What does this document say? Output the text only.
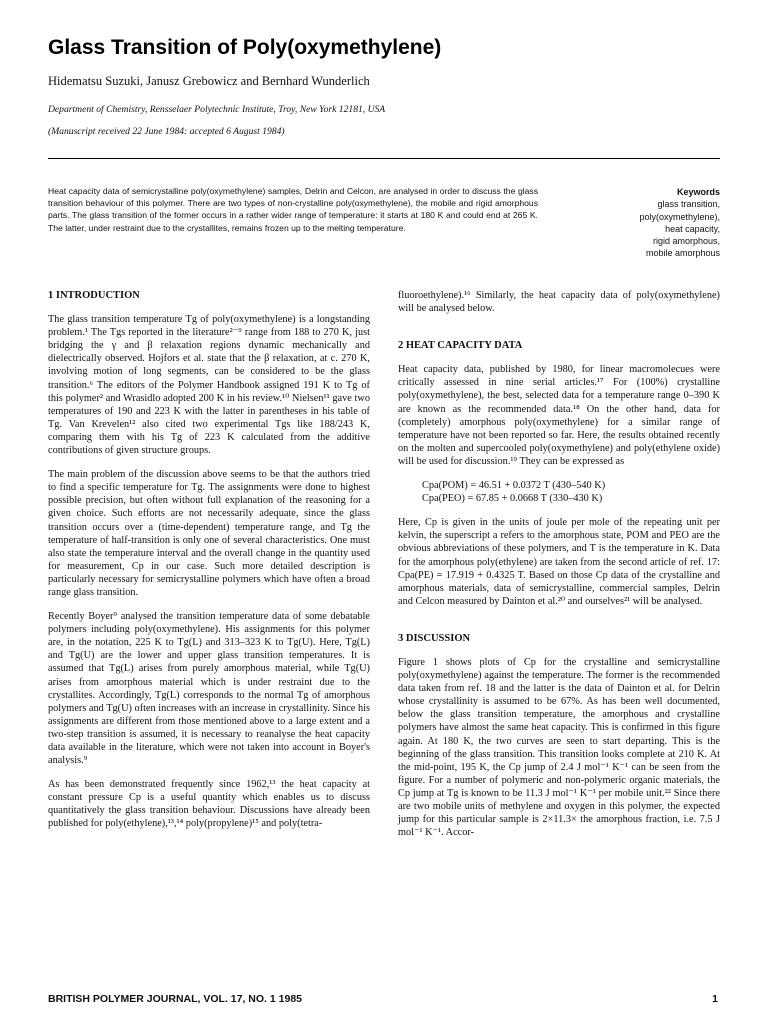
Glass Transition of Poly(oxymethylene)
Hidematsu Suzuki, Janusz Grebowicz and Bernhard Wunderlich
Department of Chemistry, Rensselaer Polytechnic Institute, Troy, New York 12181, USA
(Manuscript received 22 June 1984: accepted 6 August 1984)

Heat capacity data of semicrystalline poly(oxymethylene) samples, Delrin and Celcon, are analysed in order to discuss the glass transition behaviour of this polymer. There are two types of non-crystalline poly(oxymethylene), the mobile and rigid amorphous parts. The glass transition of the former occurs in a rather wider range of temperature: it starts at 180 K and could end at 265 K. The latter, under restraint due to the crystallites, remains frozen up to the melting temperature.

Keywords
glass transition,
poly(oxymethylene),
heat capacity,
rigid amorphous,
mobile amorphous
1 INTRODUCTION

The glass transition temperature Tg of poly(oxymethylene) is a longstanding problem.¹ The Tgs reported in the literature²⁻⁹ range from 188 to 270 K, just bridging the γ and β relaxation regions dynamic mechanically and dielectrically observed. Hojfors et al. state that the β relaxation, at c. 270 K, involving motion of long segments, can be considered to be the glass transition.⁶ The editors of the Polymer Handbook assigned 191 K to Tg of this polymer² and Wrasidlo adopted 200 K in his review.¹⁰ Nielsen¹¹ gave two temperatures of 190 and 223 K with the latter in parentheses in his table of Tg. Van Krevelen¹² also cited two experimental Tgs like 188/243 K, comparing them with his Tg of 223 K calculated from the additive contributions of given structure groups.

The main problem of the discussion above seems to be that the authors tried to find a specific temperature for Tg. The assignments were done to highest possible precision, but often without full explanation of the reasoning for a given choice. Such efforts are not necessarily adequate, since the glass transition occurs over a (time-dependent) temperature range, and Tg the temperature of half-transition is only one of several characteristics. One must also state the temperature interval and the overall change in the quantity used for measurement, Cp in our case. Such more detailed description is particularly necessary for semicrystalline polymers which have often a broad range glass transition.

Recently Boyer⁹ analysed the transition temperature data of some debatable polymers including poly(oxymethylene). His assignments for this polymer are, in the notation, 225 K to Tg(L) and 313–323 K to Tg(U). Here, Tg(L) and Tg(U) are the lower and upper glass transition temperatures. It is assumed that Tg(L) arises from purely amorphous material, while Tg(U) arises from amorphous material which is under restraint due to the crystallites. Accordingly, Tg(L) corresponds to the normal Tg of amorphous polymers and Tg(U) often increases with an increase in crystallinity. Since his assignments are different from those mentioned above to a large extent and a two-step transition is assumed, it is necessary to reanalyse the heat capacity data available in the literature, which were not taken into account in Boyer's analysis.⁹

As has been demonstrated frequently since 1962,¹³ the heat capacity at constant pressure Cp is a useful quantity which enables us to discuss quantitatively the glass transition behaviour. Discussions have already been published for poly(ethylene),¹³,¹⁴ poly(propylene)¹⁵ and poly(tetra-

fluoroethylene).¹⁶ Similarly, the heat capacity data of poly(oxymethylene) will be analysed below.

2 HEAT CAPACITY DATA

Heat capacity data, published by 1980, for linear macromolecues were critically assessed in nine serial articles.¹⁷ For (100%) crystalline poly(oxymethylene), the best, selected data for a temperature range 0–390 K are known as the recommended data.¹⁸ On the other hand, data for (completely) amorphous poly(oxymethylene) for a similar range of temperature have not been reported so far. Here, the results obtained recently on the molten and supercooled poly(oxymethylene) and poly(ethylene oxide) will be used for discussion.¹⁹ They can be expressed as

Cpa(POM) = 46.51 + 0.0372 T (430–540 K)
Cpa(PEO) = 67.85 + 0.0668 T (330–430 K)

Here, Cp is given in the units of joule per mole of the repeating unit per kelvin, the superscript a refers to the amorphous state, POM and PEO are the obvious abbreviations of these polymers, and T is the temperature in K. Data for the amorphous poly(ethylene) are taken from the second article of ref. 17: Cpa(PE) = 17.919 + 0.4325 T. Based on those Cp data of the crystalline and amorphous materials, data of semicrystalline, commercial samples, Delrin and Celcon measured by Dainton et al.²⁰ and ourselves²¹ will be analysed.

3 DISCUSSION

Figure 1 shows plots of Cp for the crystalline and semicrystalline poly(oxymethylene) against the temperature. The former is the recommended data taken from ref. 18 and the latter is the data of Dainton et al. for Delrin whose crystallinity is assumed to be 67%. As has been well documented, below the glass transition temperature, the amorphous and crystalline polymers have almost the same heat capacity. This is confirmed in this figure again. At 180 K, the two curves are seen to start departing. This is the beginning of the glass transition. This transition looks complete at 210 K. At the mid-point, 195 K, the Cp jump of 2.4 J mol⁻¹ K⁻¹ can be seen from the figure. For a number of polymeric and non-polymeric organic materials, the Cp jump at Tg is known to be 11.3 J mol⁻¹ K⁻¹ per mobile unit.²² Since there are two mobile units of methylene and oxygen in this polymer, the expected jump for this particular sample is 2×11.3× the amorphous fraction, i.e. 7.5 J mol⁻¹ K⁻¹. Accor-

BRITISH POLYMER JOURNAL, VOL. 17, NO. 1 1985	1
